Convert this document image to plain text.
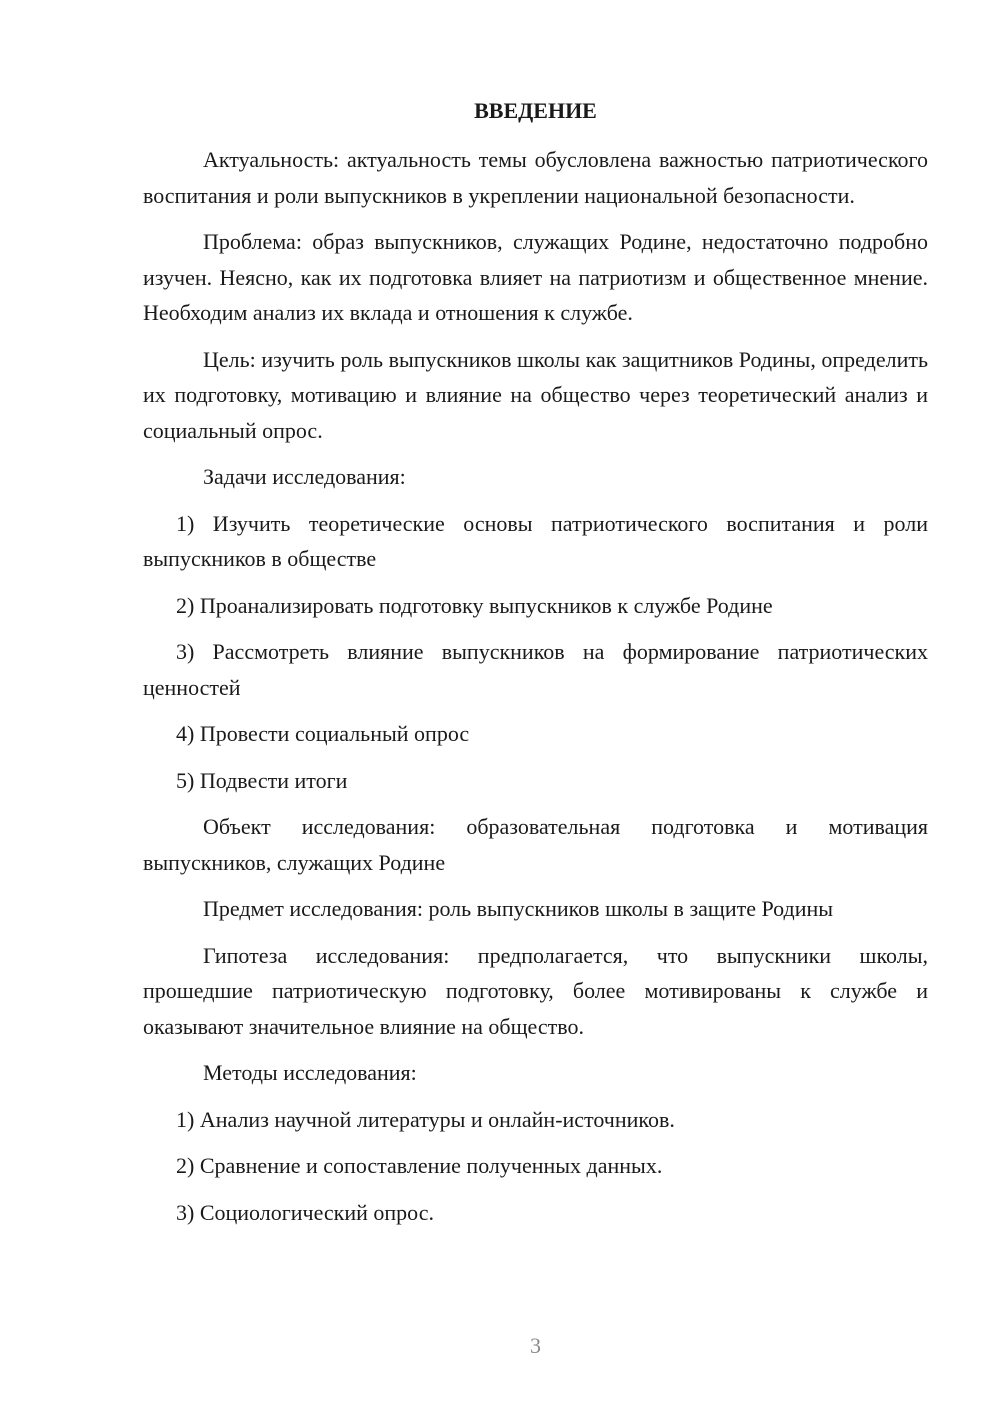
ВВЕДЕНИЕ

Актуальность: актуальность темы обусловлена важностью патриотического воспитания и роли выпускников в укреплении национальной безопасности.

Проблема: образ выпускников, служащих Родине, недостаточно подробно изучен. Неясно, как их подготовка влияет на патриотизм и общественное мнение. Необходим анализ их вклада и отношения к службе.

Цель: изучить роль выпускников школы как защитников Родины, определить их подготовку, мотивацию и влияние на общество через теоретический анализ и социальный опрос.

Задачи исследования:

1) Изучить теоретические основы патриотического воспитания и роли выпускников в обществе

2) Проанализировать подготовку выпускников к службе Родине

3) Рассмотреть влияние выпускников на формирование патриотических ценностей

4) Провести социальный опрос

5) Подвести итоги

Объект исследования: образовательная подготовка и мотивация выпускников, служащих Родине

Предмет исследования: роль выпускников школы в защите Родины

Гипотеза исследования: предполагается, что выпускники школы, прошедшие патриотическую подготовку, более мотивированы к службе и оказывают значительное влияние на общество.

Методы исследования:

1) Анализ научной литературы и онлайн-источников.

2) Сравнение и сопоставление полученных данных.

3) Социологический опрос.

3
